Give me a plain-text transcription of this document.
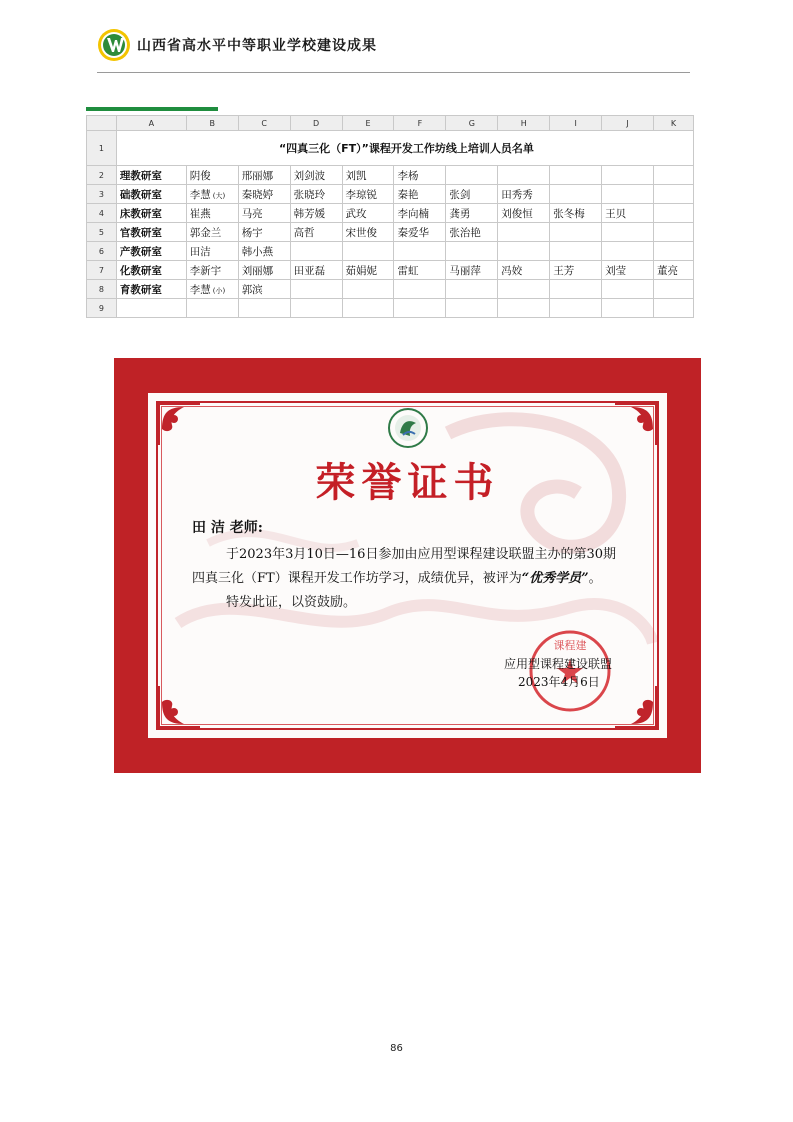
山西省高水平中等职业学校建设成果
	A	B	C	D	E	F	G	H	I	J	K
1	“四真三化（FT）”课程开发工作坊线上培训人员名单										
2	理教研室	阴俊	邢丽娜	刘剑波	刘凯	李杨					
3	础教研室	李慧 (大)	秦晓婷	张晓玲	李琼锐	秦艳	张剑	田秀秀			
4	床教研室	崔燕	马亮	韩芳媛	武玫	李向楠	龚勇	刘俊恒	张冬梅	王贝	
5	官教研室	郭金兰	杨宇	高哲	宋世俊	秦爱华	张治艳				
6	产教研室	田洁	韩小燕								
7	化教研室	李新宇	刘丽娜	田亚磊	茹娟妮	雷虹	马丽萍	冯姣	王芳	刘莹	董亮
8	育教研室	李慧 (小)	郭滨								
9											
荣誉证书
田 洁 老师:
于2023年3月10日—16日参加由应用型课程建设联盟主办的第30期
四真三化（FT）课程开发工作坊学习，成绩优异，被评为“优秀学员”。
特发此证，以资鼓励。
课程建
应用型课程建设联盟
2023年4月6日
86
